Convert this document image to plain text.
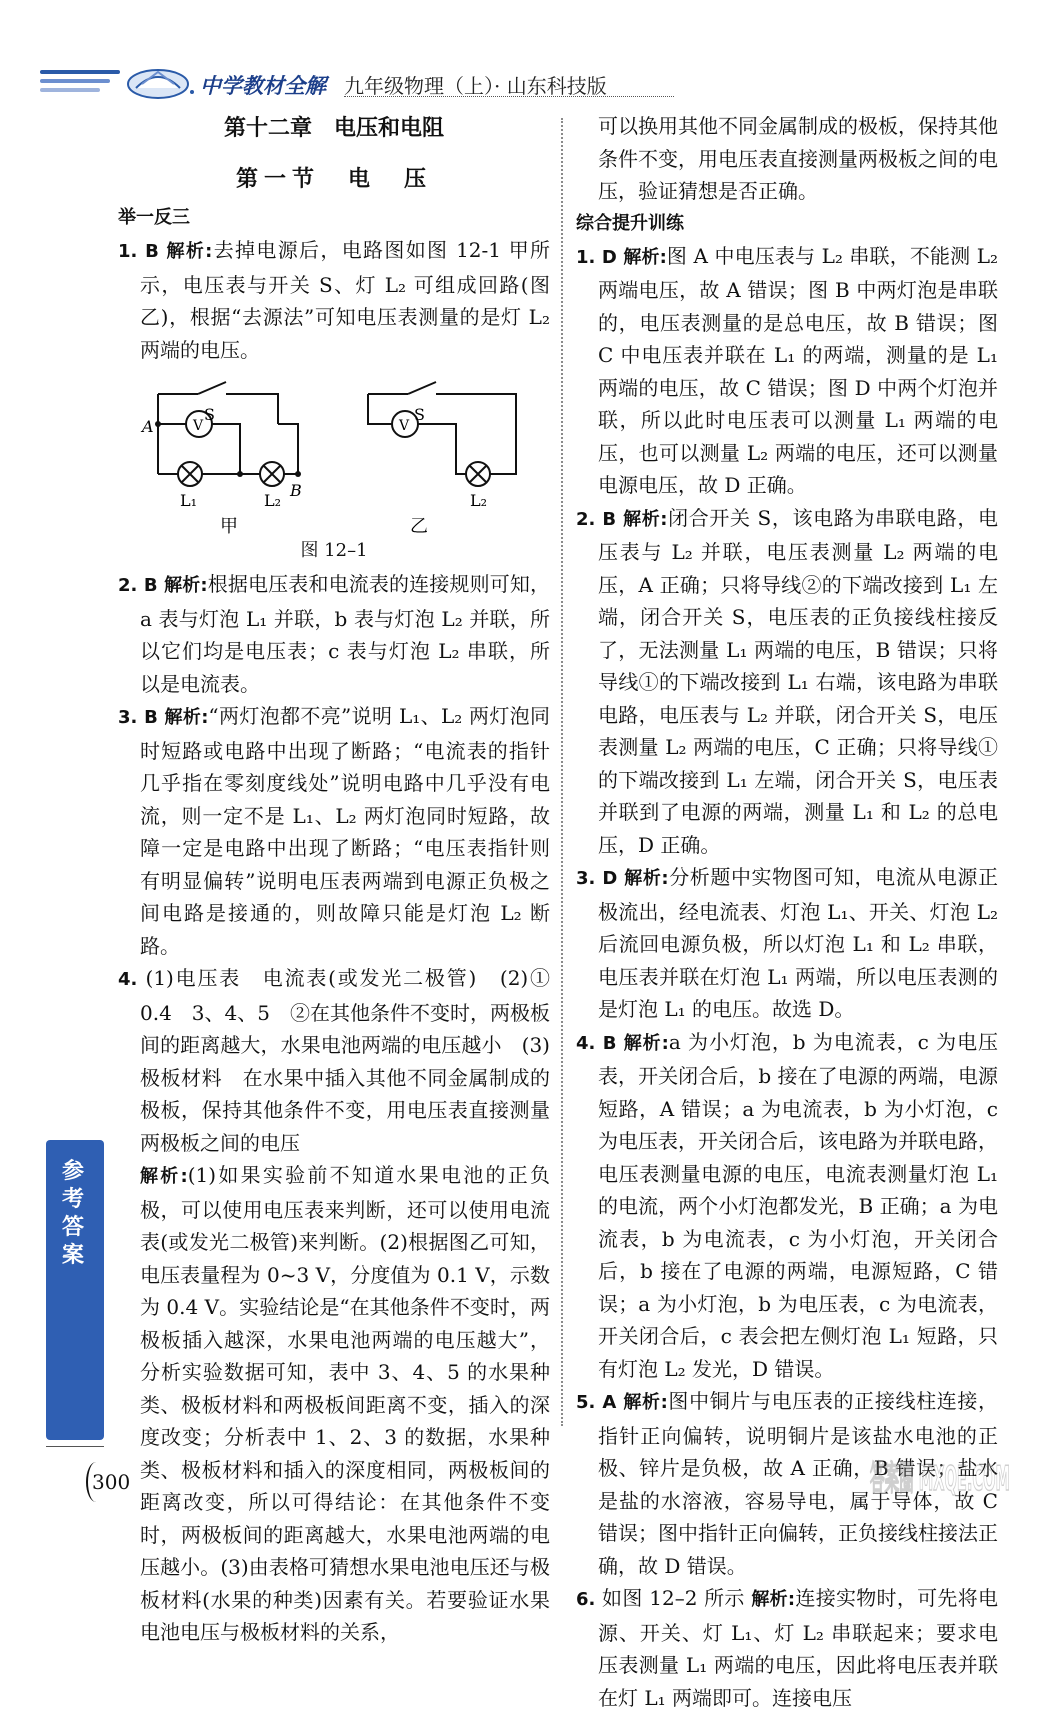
中学教材全解 九年级物理（上）· 山东科技版
第十二章　电压和电阻
第一节　电　压
举一反三

1. B 解析:去掉电源后，电路图如图 12-1 甲所示，电压表与开关 S、灯 L₂ 可组成回路(图乙)，根据“去源法”可知电压表测量的是灯 L₂ 两端的电压。

S
A	V
L₁	L₂
B
S
V
L₂
甲	乙
图 12–1

2. B 解析:根据电压表和电流表的连接规则可知，a 表与灯泡 L₁ 并联，b 表与灯泡 L₂ 并联，所以它们均是电压表；c 表与灯泡 L₂ 串联，所以是电流表。

3. B 解析:“两灯泡都不亮”说明 L₁、L₂ 两灯泡同时短路或电路中出现了断路；“电流表的指针几乎指在零刻度线处”说明电路中几乎没有电流，则一定不是 L₁、L₂ 两灯泡同时短路，故障一定是电路中出现了断路；“电压表指针则有明显偏转”说明电压表两端到电源正负极之间电路是接通的，则故障只能是灯泡 L₂ 断路。

4. (1)电压表　电流表(或发光二极管)　(2)① 0.4　3、4、5　②在其他条件不变时，两极板间的距离越大，水果电池两端的电压越小　(3)极板材料　在水果中插入其他不同金属制成的极板，保持其他条件不变，用电压表直接测量两极板之间的电压

解析:(1)如果实验前不知道水果电池的正负极，可以使用电压表来判断，还可以使用电流表(或发光二极管)来判断。(2)根据图乙可知，电压表量程为 0~3 V，分度值为 0.1 V，示数为 0.4 V。实验结论是“在其他条件不变时，两极板插入越深，水果电池两端的电压越大”，分析实验数据可知，表中 3、4、5 的水果种类、极板材料和两极板间距离不变，插入的深度改变；分析表中 1、2、3 的数据，水果种类、极板材料和插入的深度相同，两极板间的距离改变，所以可得结论：在其他条件不变时，两极板间的距离越大，水果电池两端的电压越小。(3)由表格可猜想水果电池电压还与极板材料(水果的种类)因素有关。若要验证水果电池电压与极板材料的关系，

可以换用其他不同金属制成的极板，保持其他条件不变，用电压表直接测量两极板之间的电压，验证猜想是否正确。

综合提升训练

1. D 解析:图 A 中电压表与 L₂ 串联，不能测 L₂ 两端电压，故 A 错误；图 B 中两灯泡是串联的，电压表测量的是总电压，故 B 错误；图 C 中电压表并联在 L₁ 的两端，测量的是 L₁ 两端的电压，故 C 错误；图 D 中两个灯泡并联，所以此时电压表可以测量 L₁ 两端的电压，也可以测量 L₂ 两端的电压，还可以测量电源电压，故 D 正确。

2. B 解析:闭合开关 S，该电路为串联电路，电压表与 L₂ 并联，电压表测量 L₂ 两端的电压，A 正确；只将导线②的下端改接到 L₁ 左端，闭合开关 S，电压表的正负接线柱接反了，无法测量 L₁ 两端的电压，B 错误；只将导线①的下端改接到 L₁ 右端，该电路为串联电路，电压表与 L₂ 并联，闭合开关 S，电压表测量 L₂ 两端的电压，C 正确；只将导线①的下端改接到 L₁ 左端，闭合开关 S，电压表并联到了电源的两端，测量 L₁ 和 L₂ 的总电压，D 正确。

3. D 解析:分析题中实物图可知，电流从电源正极流出，经电流表、灯泡 L₁、开关、灯泡 L₂ 后流回电源负极，所以灯泡 L₁ 和 L₂ 串联，电压表并联在灯泡 L₁ 两端，所以电压表测的是灯泡 L₁ 的电压。故选 D。

4. B 解析:a 为小灯泡，b 为电流表，c 为电压表，开关闭合后，b 接在了电源的两端，电源短路，A 错误；a 为电流表，b 为小灯泡，c 为电压表，开关闭合后，该电路为并联电路，电压表测量电源的电压，电流表测量灯泡 L₁ 的电流，两个小灯泡都发光，B 正确；a 为电流表，b 为电流表，c 为小灯泡，开关闭合后，b 接在了电源的两端，电源短路，C 错误；a 为小灯泡，b 为电压表，c 为电流表，开关闭合后，c 表会把左侧灯泡 L₁ 短路，只有灯泡 L₂ 发光，D 错误。

5. A 解析:图中铜片与电压表的正接线柱连接，指针正向偏转，说明铜片是该盐水电池的正极、锌片是负极，故 A 正确，B 错误；盐水是盐的水溶液，容易导电，属于导体，故 C 错误；图中指针正向偏转，正负接线柱接法正确，故 D 错误。

6. 如图 12–2 所示 解析:连接实物时，可先将电源、开关、灯 L₁、灯 L₂ 串联起来；要求电压表测量 L₁ 两端的电压，因此将电压表并联在灯 L₁ 两端即可。连接电压

参考答案
300	答案圈 MXQE.COM
